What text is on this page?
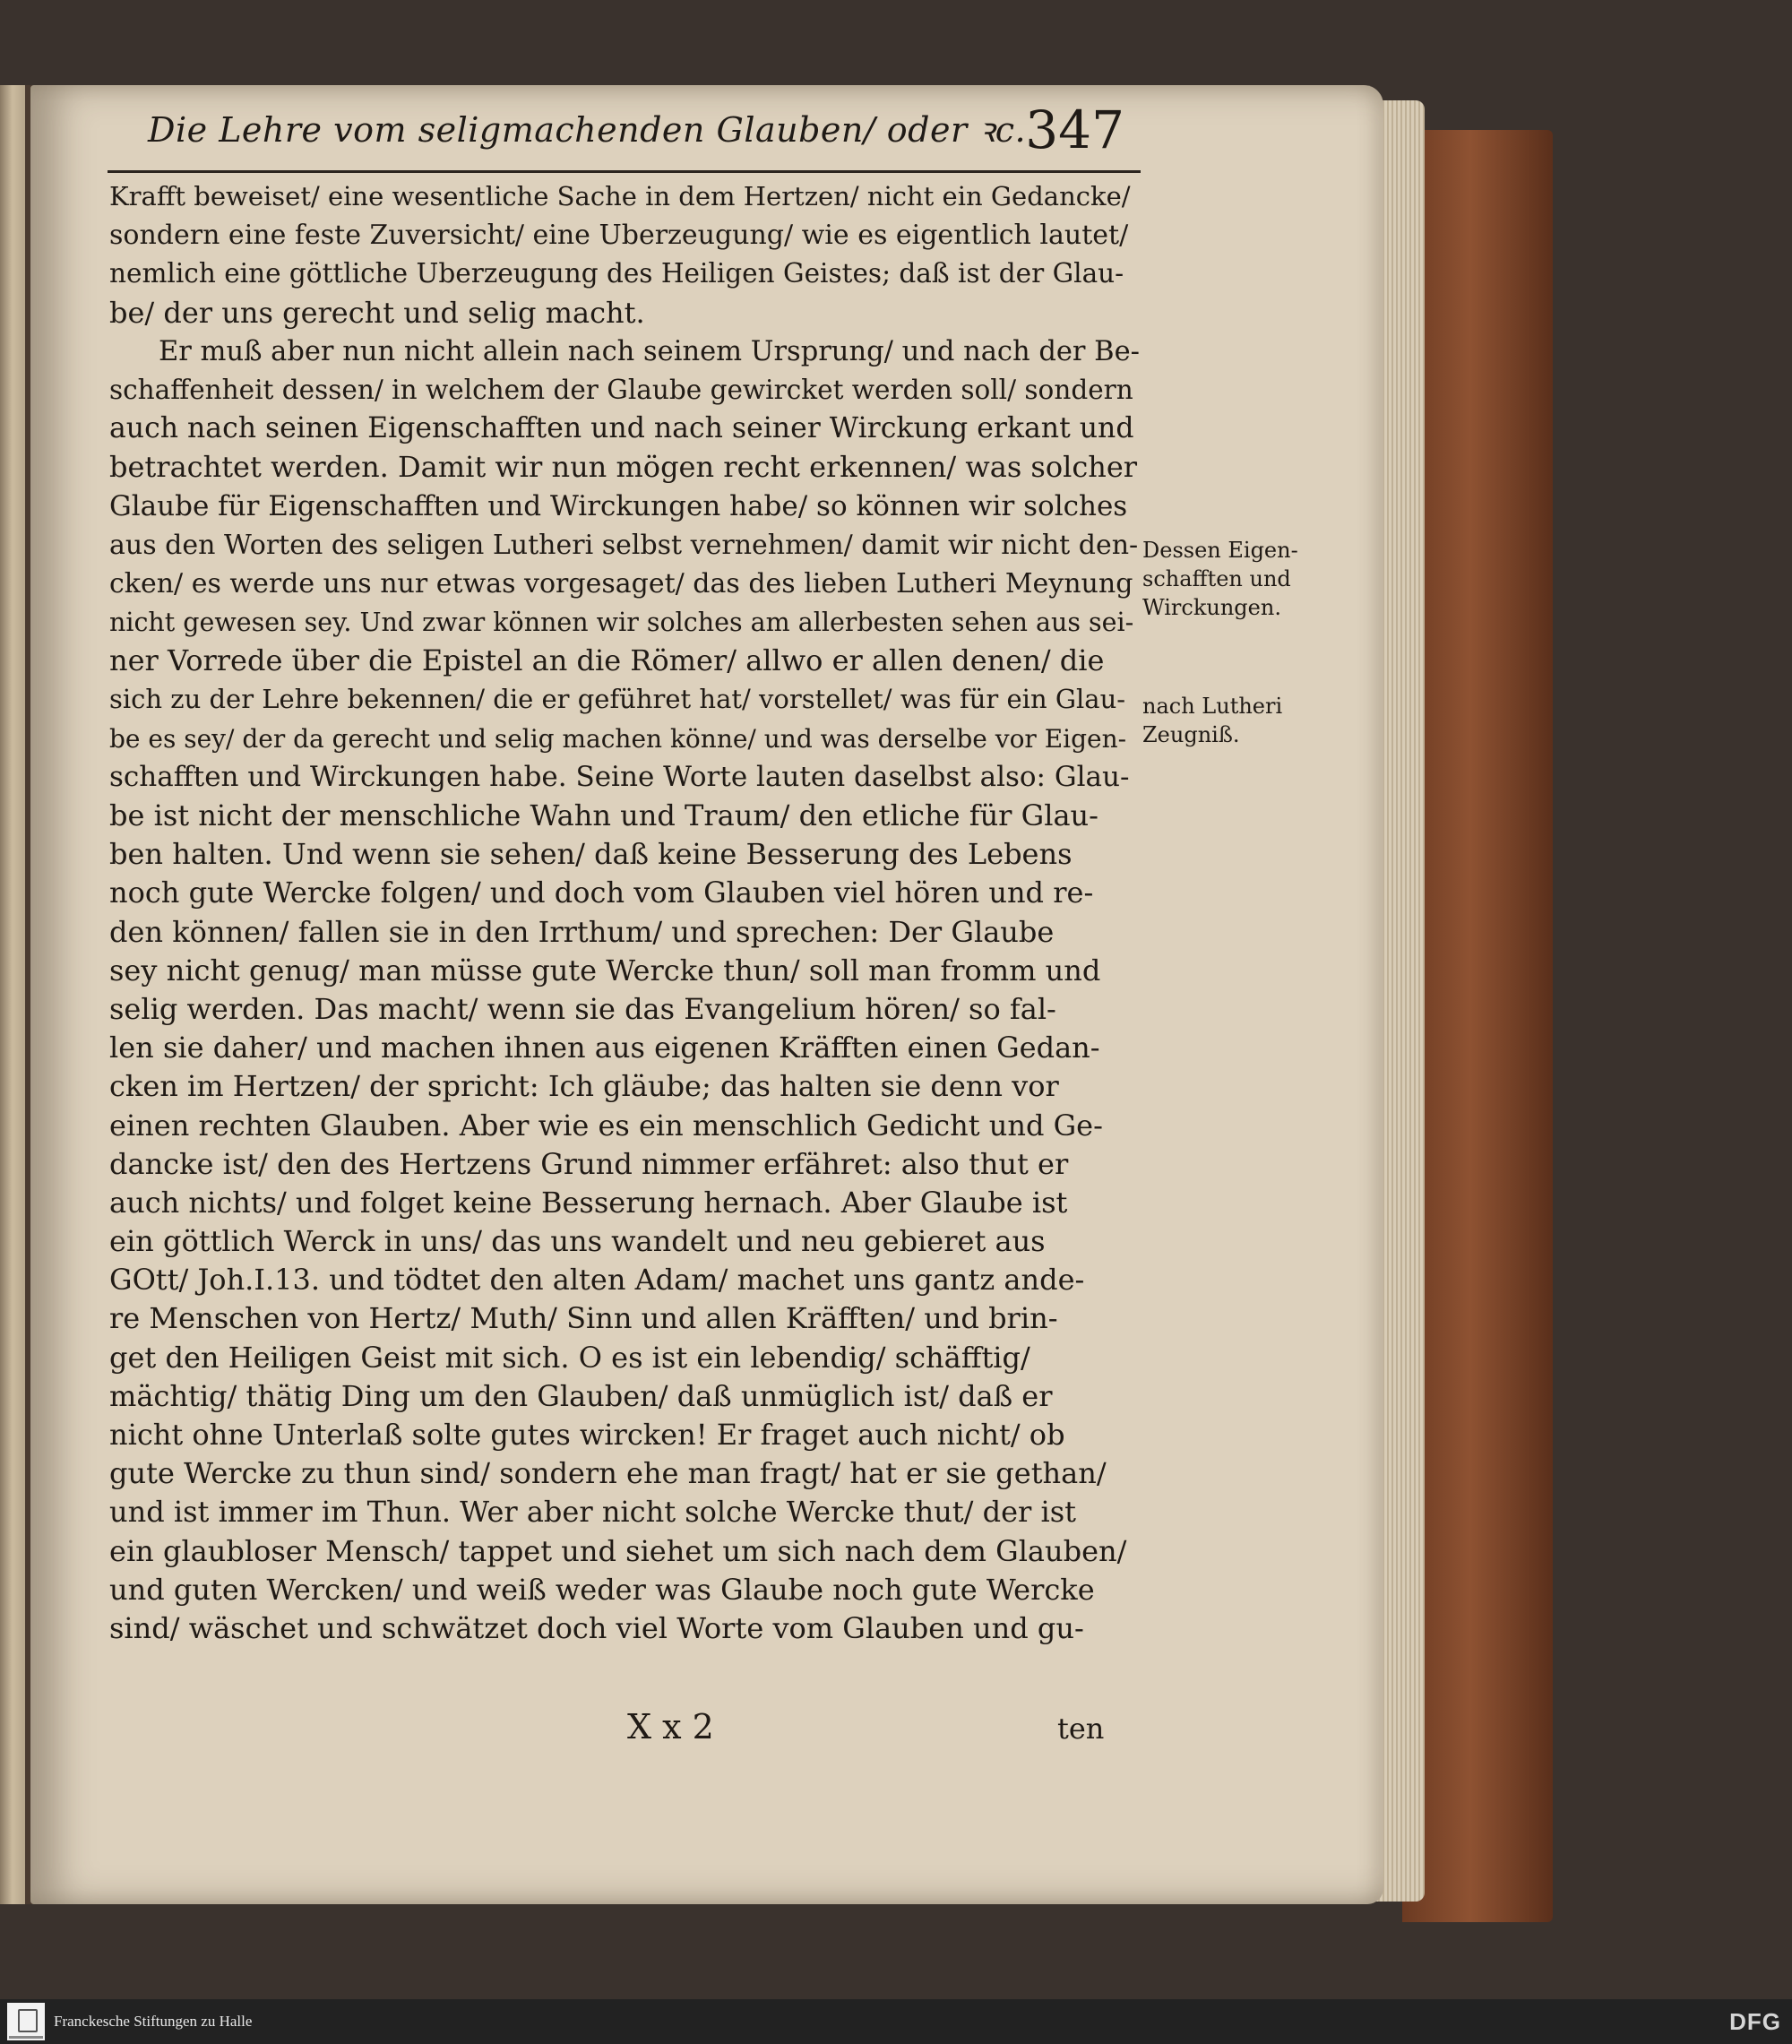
Die Lehre vom seligmachenden Glauben/ oder ꝛc. 347
Krafft beweiset/ eine wesentliche Sache in dem Hertzen/ nicht ein Gedancke/
sondern eine feste Zuversicht/ eine Uberzeugung/ wie es eigentlich lautet/
nemlich eine göttliche Uberzeugung des Heiligen Geistes; daß ist der Glau-
be/ der uns gerecht und selig macht.
Er muß aber nun nicht allein nach seinem Ursprung/ und nach der Be-
schaffenheit dessen/ in welchem der Glaube gewircket werden soll/ sondern
auch nach seinen Eigenschafften und nach seiner Wirckung erkant und
betrachtet werden. Damit wir nun mögen recht erkennen/ was solcher
Glaube für Eigenschafften und Wirckungen habe/ so können wir solches
aus den Worten des seligen Lutheri selbst vernehmen/ damit wir nicht den-
cken/ es werde uns nur etwas vorgesaget/ das des lieben Lutheri Meynung
nicht gewesen sey. Und zwar können wir solches am allerbesten sehen aus sei-
ner Vorrede über die Epistel an die Römer/ allwo er allen denen/ die
sich zu der Lehre bekennen/ die er geführet hat/ vorstellet/ was für ein Glau-
be es sey/ der da gerecht und selig machen könne/ und was derselbe vor Eigen-
schafften und Wirckungen habe. Seine Worte lauten daselbst also: Glau-
be ist nicht der menschliche Wahn und Traum/ den etliche für Glau-
ben halten. Und wenn sie sehen/ daß keine Besserung des Lebens
noch gute Wercke folgen/ und doch vom Glauben viel hören und re-
den können/ fallen sie in den Irrthum/ und sprechen: Der Glaube
sey nicht genug/ man müsse gute Wercke thun/ soll man fromm und
selig werden. Das macht/ wenn sie das Evangelium hören/ so fal-
len sie daher/ und machen ihnen aus eigenen Kräfften einen Gedan-
cken im Hertzen/ der spricht: Ich gläube; das halten sie denn vor
einen rechten Glauben. Aber wie es ein menschlich Gedicht und Ge-
dancke ist/ den des Hertzens Grund nimmer erfähret: also thut er
auch nichts/ und folget keine Besserung hernach. Aber Glaube ist
ein göttlich Werck in uns/ das uns wandelt und neu gebieret aus
GOtt/ Joh.I.13. und tödtet den alten Adam/ machet uns gantz ande-
re Menschen von Hertz/ Muth/ Sinn und allen Kräfften/ und brin-
get den Heiligen Geist mit sich. O es ist ein lebendig/ schäfftig/
mächtig/ thätig Ding um den Glauben/ daß unmüglich ist/ daß er
nicht ohne Unterlaß solte gutes wircken! Er fraget auch nicht/ ob
gute Wercke zu thun sind/ sondern ehe man fragt/ hat er sie gethan/
und ist immer im Thun. Wer aber nicht solche Wercke thut/ der ist
ein glaubloser Mensch/ tappet und siehet um sich nach dem Glauben/
und guten Wercken/ und weiß weder was Glaube noch gute Wercke
sind/ wäschet und schwätzet doch viel Worte vom Glauben und gu-
Dessen Eigen-
schafften und
Wirckungen.
nach Lutheri
Zeugniß.
X x 2	ten
Franckesche Stiftungen zu Halle	DFG
